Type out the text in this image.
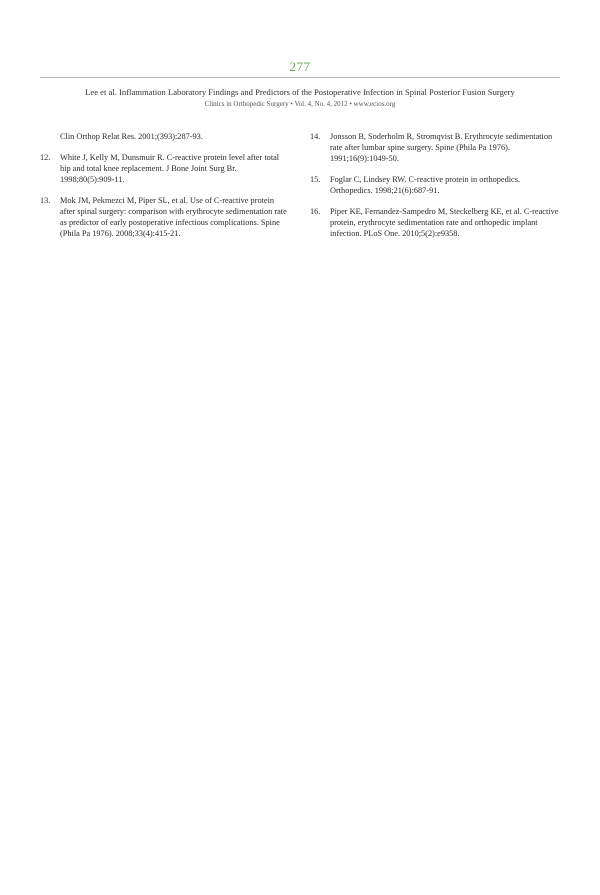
277
Lee et al. Inflammation Laboratory Findings and Predictors of the Postoperative Infection in Spinal Posterior Fusion Surgery
Clinics in Orthopedic Surgery • Vol. 4, No. 4, 2012 • www.ecios.org
Clin Orthop Relat Res. 2001;(393):287-93.
12.	White J, Kelly M, Dunsmuir R. C-reactive protein level after total hip and total knee replacement. J Bone Joint Surg Br. 1998;80(5):909-11.
13.	Mok JM, Pekmezci M, Piper SL, et al. Use of C-reactive protein after spinal surgery: comparison with erythrocyte sedimentation rate as predictor of early postoperative infectious complications. Spine (Phila Pa 1976). 2008;33(4):415-21.
14.	Jonsson B, Soderholm R, Stromqvist B. Erythrocyte sedimentation rate after lumbar spine surgery. Spine (Phila Pa 1976). 1991;16(9):1049-50.
15.	Foglar C, Lindsey RW. C-reactive protein in orthopedics. Orthopedics. 1998;21(6):687-91.
16.	Piper KE, Fernandez-Sampedro M, Steckelberg KE, et al. C-reactive protein, erythrocyte sedimentation rate and orthopedic implant infection. PLoS One. 2010;5(2):e9358.
